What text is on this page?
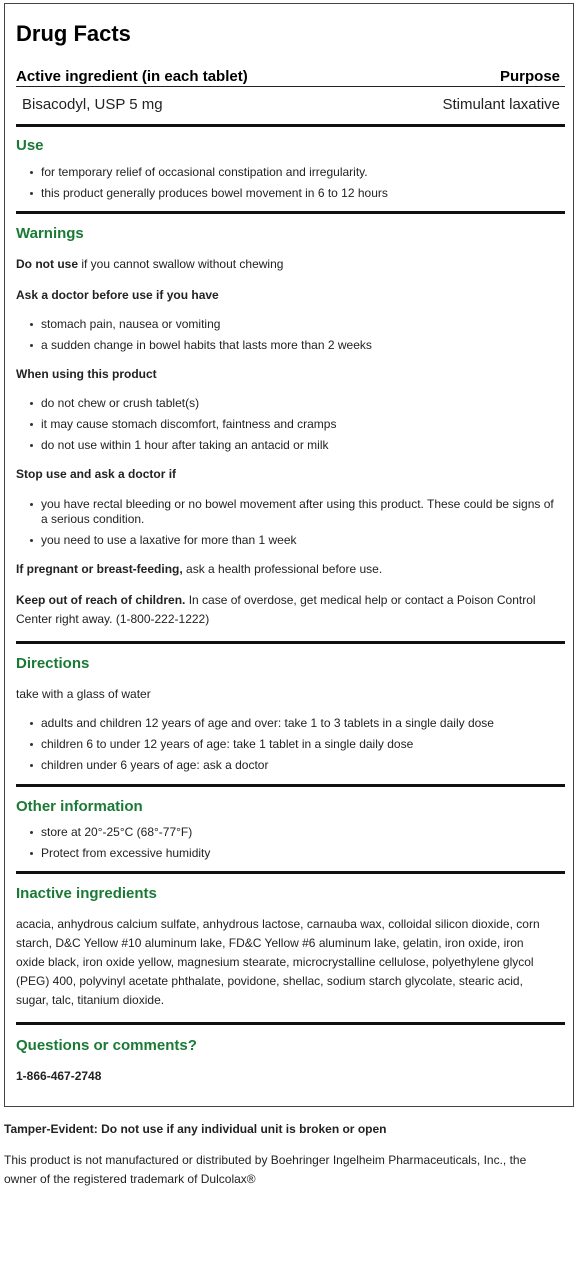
Drug Facts
Active ingredient (in each tablet)	Purpose
Bisacodyl, USP 5 mg	Stimulant laxative
Use
for temporary relief of occasional constipation and irregularity.
this product generally produces bowel movement in 6 to 12 hours
Warnings
Do not use if you cannot swallow without chewing
Ask a doctor before use if you have
stomach pain, nausea or vomiting
a sudden change in bowel habits that lasts more than 2 weeks
When using this product
do not chew or crush tablet(s)
it may cause stomach discomfort, faintness and cramps
do not use within 1 hour after taking an antacid or milk
Stop use and ask a doctor if
you have rectal bleeding or no bowel movement after using this product. These could be signs of a serious condition.
you need to use a laxative for more than 1 week
If pregnant or breast-feeding, ask a health professional before use.
Keep out of reach of children. In case of overdose, get medical help or contact a Poison Control Center right away. (1-800-222-1222)
Directions
take with a glass of water
adults and children 12 years of age and over: take 1 to 3 tablets in a single daily dose
children 6 to under 12 years of age: take 1 tablet in a single daily dose
children under 6 years of age: ask a doctor
Other information
store at 20°-25°C (68°-77°F)
Protect from excessive humidity
Inactive ingredients
acacia, anhydrous calcium sulfate, anhydrous lactose, carnauba wax, colloidal silicon dioxide, corn starch, D&C Yellow #10 aluminum lake, FD&C Yellow #6 aluminum lake, gelatin, iron oxide, iron oxide black, iron oxide yellow, magnesium stearate, microcrystalline cellulose, polyethylene glycol (PEG) 400, polyvinyl acetate phthalate, povidone, shellac, sodium starch glycolate, stearic acid, sugar, talc, titanium dioxide.
Questions or comments?
1-866-467-2748
Tamper-Evident: Do not use if any individual unit is broken or open
This product is not manufactured or distributed by Boehringer Ingelheim Pharmaceuticals, Inc., the owner of the registered trademark of Dulcolax®
